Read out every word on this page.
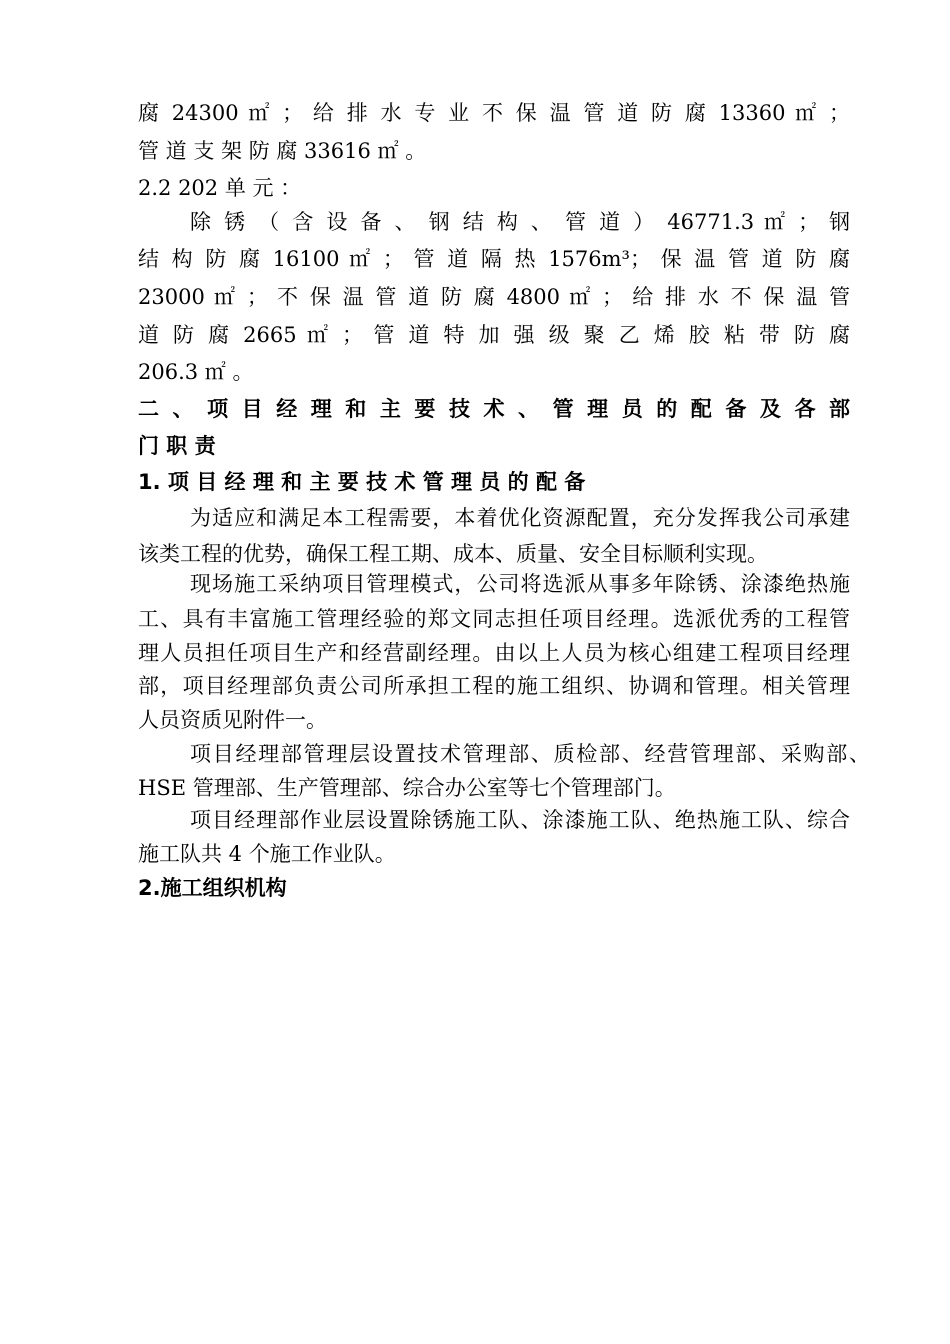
腐 24300 ㎡ ； 给 排 水 专 业 不 保 温 管 道 防 腐 13360 ㎡ ；
管 道 支 架 防 腐 33616 ㎡ 。
2.2 202 单 元 ：
除 锈 （ 含 设 备 、 钢 结 构 、 管 道 ） 46771.3 ㎡ ； 钢
结 构 防 腐 16100 ㎡ ； 管 道 隔 热 1576m³； 保 温 管 道 防 腐
23000 ㎡ ； 不 保 温 管 道 防 腐 4800 ㎡ ； 给 排 水 不 保 温 管
道 防 腐 2665 ㎡ ； 管 道 特 加 强 级 聚 乙 烯 胶 粘 带 防 腐
206.3 ㎡ 。
二 、 项 目 经 理 和 主 要 技 术 、 管 理 员 的 配 备 及 各 部
门 职 责
1. 项 目 经 理 和 主 要 技 术 管 理 员 的 配 备
为适应和满足本工程需要，本着优化资源配置，充分发挥我公司承建
该类工程的优势，确保工程工期、成本、质量、安全目标顺利实现。
现场施工采纳项目管理模式，公司将选派从事多年除锈、涂漆绝热施
工、具有丰富施工管理经验的郑文同志担任项目经理。选派优秀的工程管
理人员担任项目生产和经营副经理。由以上人员为核心组建工程项目经理
部，项目经理部负责公司所承担工程的施工组织、协调和管理。相关管理
人员资质见附件一。
项目经理部管理层设置技术管理部、质检部、经营管理部、采购部、
HSE 管理部、生产管理部、综合办公室等七个管理部门。
项目经理部作业层设置除锈施工队、涂漆施工队、绝热施工队、综合
施工队共 4 个施工作业队。
2.施工组织机构
